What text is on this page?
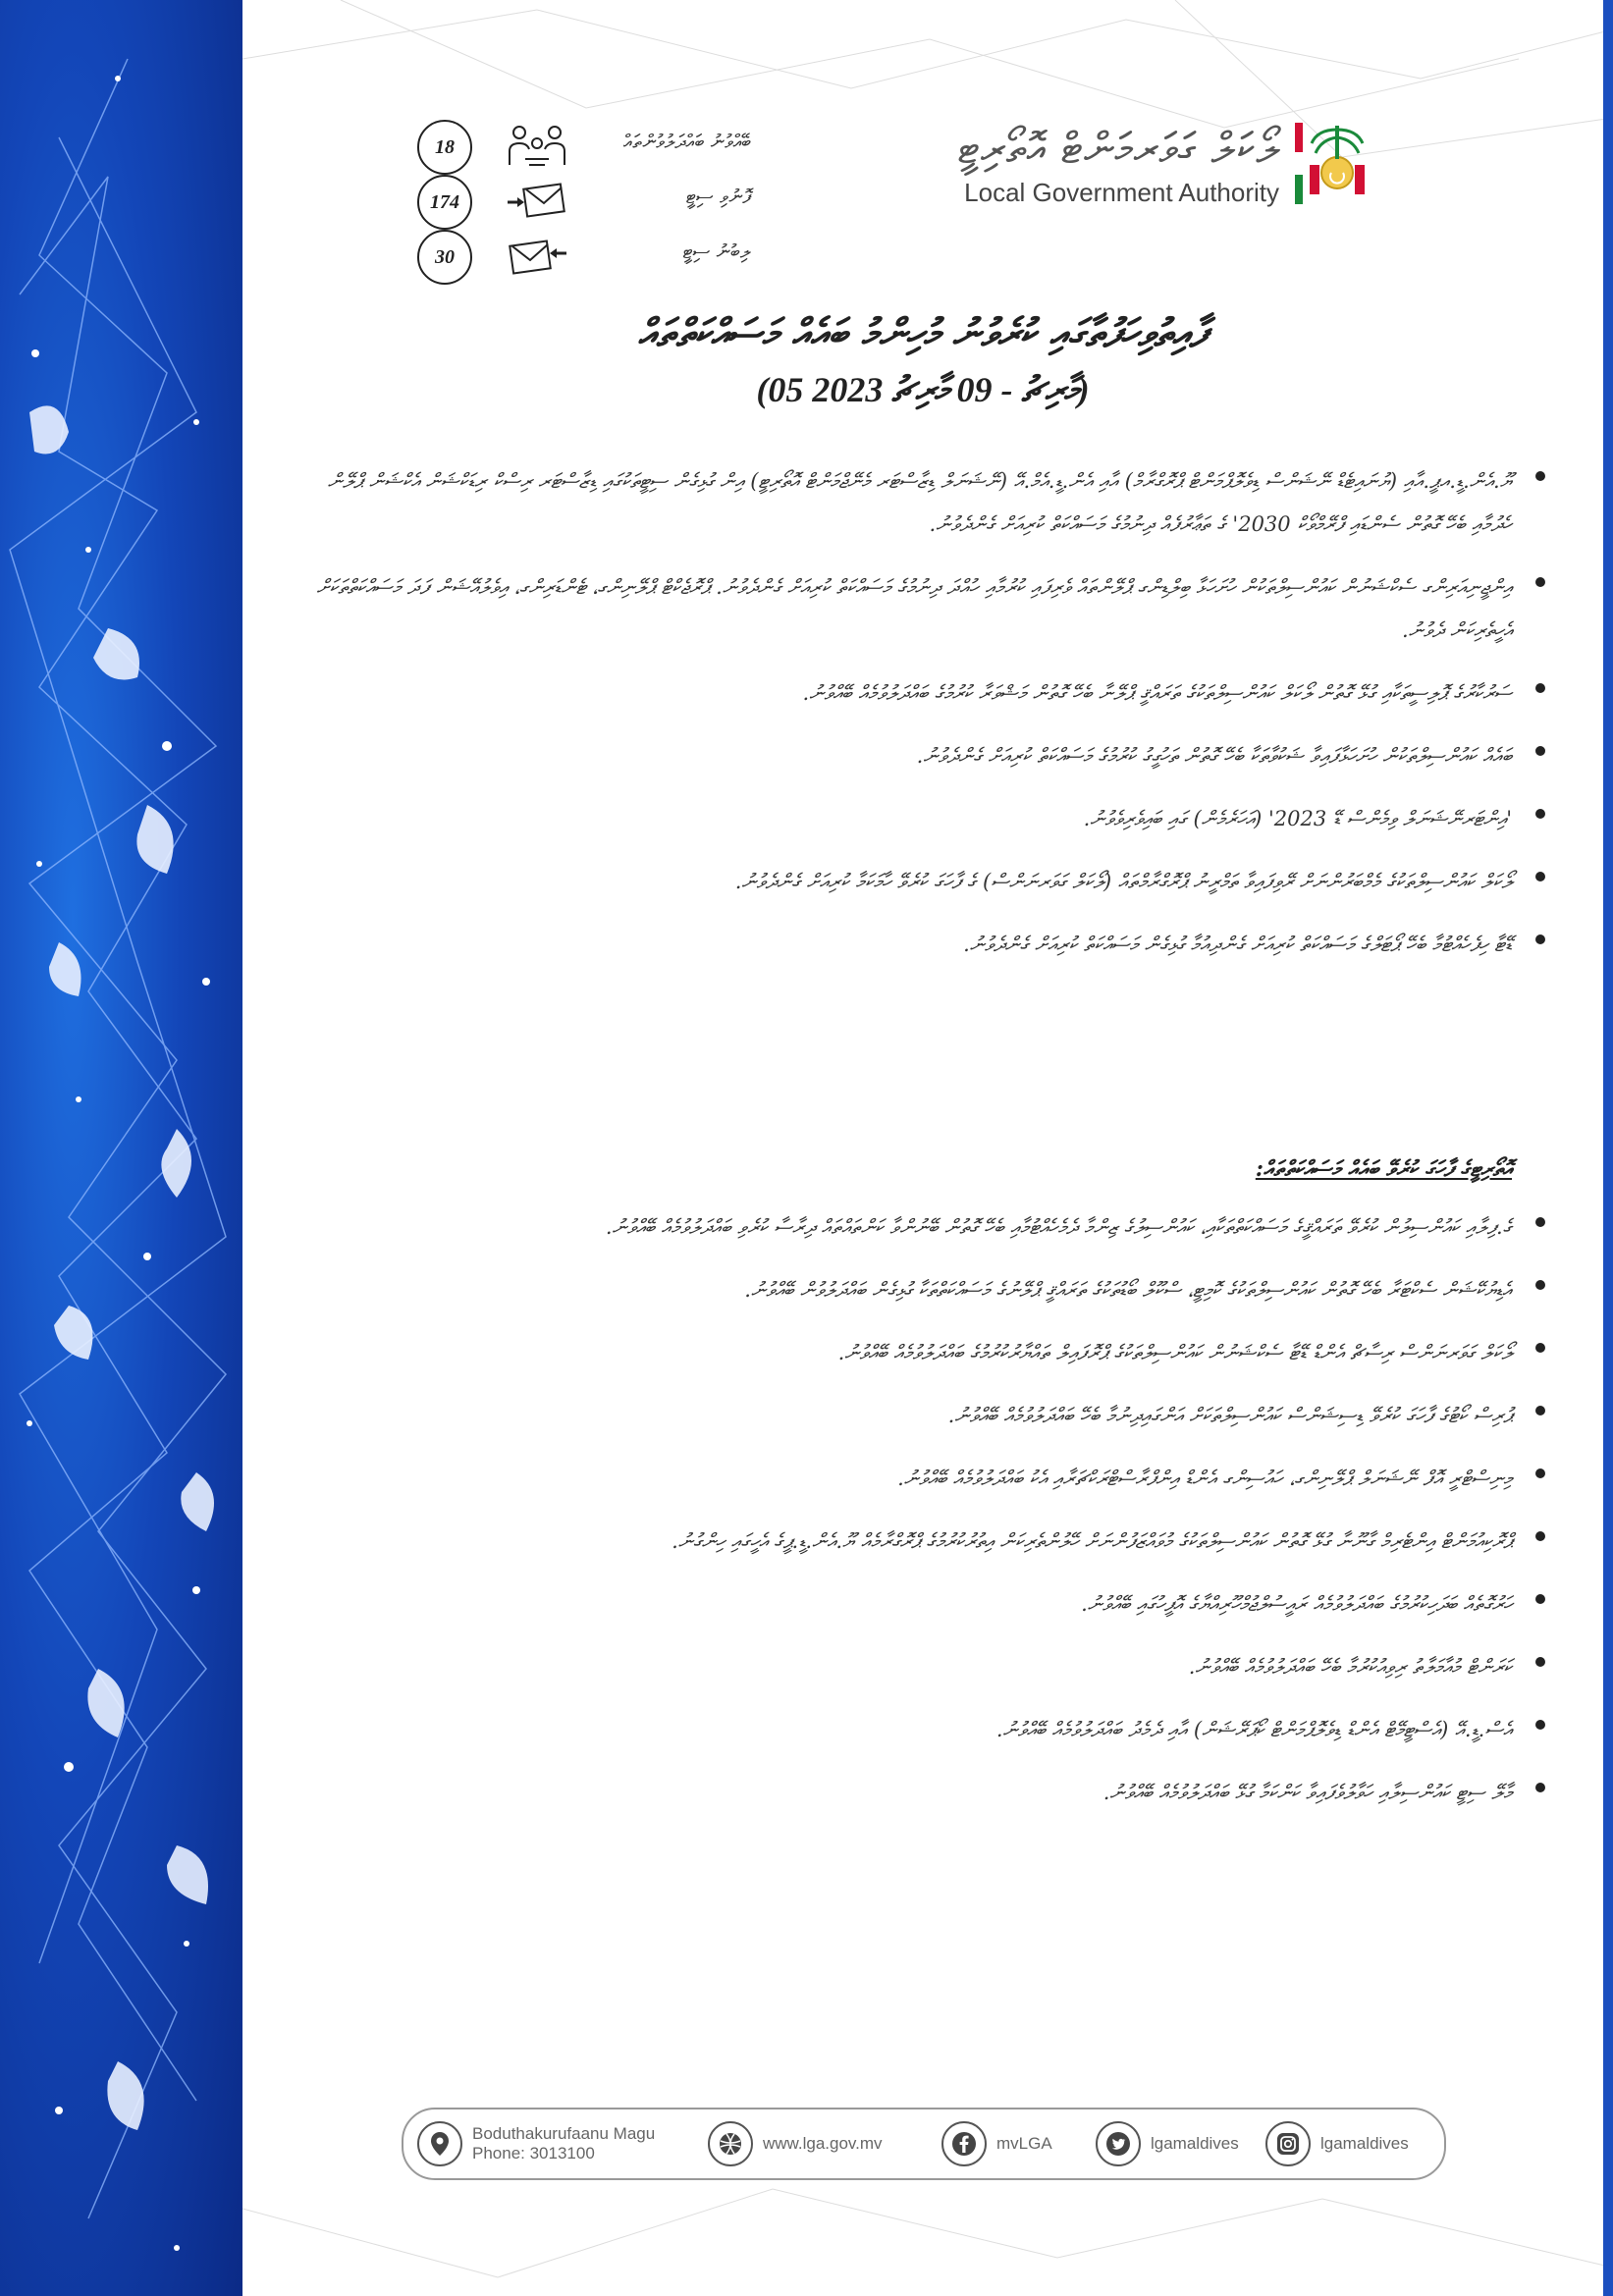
ލޯކަލް ގަވަރމަންޓް އޮތޯރިޓީ
Local Government Authority
18	ބޭއްވުނު ބައްދަލުވުންތައް
174	ފޮނުވި ސިޓީ
30	ލިބުނު ސިޓީ
ފާއިތުވިހަފުތާގައި ކުރެވުނު މުހިންމު ބައެއް މަސައްކަތްތައް
(05 މާރިޗު - 09 މާރިޗު 2023)

ޔޫ.އެން.ޑީ.އޕީ.އާއި (ޔުނައިޓެޑް ނޭޝަންސް ޑިވެލޮޕްމަންޓް ޕްރޮގްރާމް) އާއި އެން.ޑީ.އެމް.އޭ (ނޭޝަނަލް ޑިޒާސްޓަރ މެނޭޖްމަންޓް އޮތޯރިޓީ) އިން ގުޅިގެން ސިޓީތަކުގައި ޑިޒާސްޓަރ ރިސްކް ރިޑަކްޝަން އެކްޝަން ޕްލޭން ހެދުމާއި ބެހޭ ގޮތުން ސެންޑައި ފްރޭމްވޯކް 2030' ގެ ތަޢާރުފެއް ދިނުމުގެ މަސައްކަތް ކުރިއަށް ގެންދެވުނު.

އިންޖީނިއަރިންގ ސެކްޝަނުން ކައުންސިލްތަކުން ހުށަހަޅާ ބިލްޑިންގ ޕްލޭންތައް ވެރިފައި ކުރުމާއި ހުއްދަ ދިނުމުގެ މަސައްކަތް ކުރިއަށް ގެންދެވުނު. ޕްރޮޖެކްޓް ޕްލޭނިންގ، ޓެންޑަރިންގ، އިވެލުއޭޝަން ފަދަ މަސައްކަތްތަކަށް އެހީތެރިކަން ދެވުނު.

ސަރުކާރުގެ ޕޮލިސީތަކާއި ގުޅޭ ގޮތުން ލޯކަލް ކައުންސިލްތަކުގެ ތަރައްޤީ ޕްލޭނާ ބެހޭ ގޮތުން މަޝްވަރާ ކުރުމުގެ ބައްދަލުވުމެއް ބޭއްވުނު.

ބައެއް ކައުންސިލްތަކުން ހުށަހަޅާފައިވާ ޝަކުވާތަކާ ބެހޭ ގޮތުން ތަހުގީގު ކުރުމުގެ މަސައްކަތް ކުރިއަށް ގެންދެވުނު.

'އިންޓަރނޭޝަނަލް ވިމެންސް ޑޭ 2023' (އަހަރެމެން) ގައި ބައިވެރިވެވުނު.

ލޯކަލް ކައުންސިލްތަކުގެ މެމްބަރުންނަށް ރޭވިފައިވާ ތަމްރީނު ޕްރޮގްރާމްތައް (ލޯކަލް ގަވަރނަންސް) ގެ ފާހަގަ ކުރެވޭ ހާމަކަމާ ކުރިއަށް ގެންދެވުނު.

ޑޭޓާ ހިފެހެއްޓުމާ ބެހޭ ޕޯޓަލްގެ މަސައްކަތް ކުރިއަށް ގެންދިއުމާ ގުޅިގެން މަސައްކަތް ކުރިއަށް ގެންދެވުނު.

އޮތޯރިޓީގެ ފާހަގަ ކުރެވޭ ބައެއް މަސައްކަތްތައް:

ގެ.ފިލާއި ކައުންސިލުން ކުރެވޭ ތަރައްޤީގެ މަސައްކަތްތަކާއި، ކައުންސިލުގެ ޒިންމާ ދެމެހެއްޓުމާއި ބެހޭ ގޮތުން ބޭނުންވާ ކަންތައްތައް ދިރާސާ ކުރެވި ބައްދަލުވުމެއް ބޭއްވުނު.

އެޑިޔުކޭޝަން ސެކްޓަރާ ބެހޭ ގޮތުން ކައުންސިލްތަކުގެ ކޮމިޓީ، ސްކޫލް ބޯޑުތަކުގެ ތަރައްޤީ ޕްލޭނުގެ މަސައްކަތްތަކާ ގުޅިގެން ބައްދަލުވުން ބޭއްވުނު.

ލޯކަލް ގަވަރނަންސް ރިސާޗް އެންޑް ޑޭޓާ ސެކްޝަނުން ކައުންސިލްތަކުގެ ޕްރޮފައިލް ތައްޔާރުކުރުމުގެ ބައްދަލުވުމެއް ބޭއްވުނު.

ޕުރިސް ކޯޓުގެ ފާހަގަ ކުރެވޭ ޑިސިޝަންސް ކައުންސިލްތަކަށް އަންގައިދިނުމާ ބެހޭ ބައްދަލުވުމެއް ބޭއްވުނު.

މިނިސްޓްރީ އޮފް ނޭޝަނަލް ޕްލޭނިންގ، ހައުސިންގ އެންޑް އިންފްރާސްޓްރަކްޗަރާއި އެކު ބައްދަލުވުމެއް ބޭއްވުނު.

ޕްރޮކިއުމަންޓް އިންޓެރިމް ގާނޫނާ ގުޅޭ ގޮތުން ކައުންސިލްތަކުގެ މުވައްޒަފުންނަށް ހޭލުންތެރިކަން އިތުރުކުރުމުގެ ޕްރޮގްރާމެއް ޔޫ.އެން.ޑީ.ޕީގެ އެހީގައި ހިންގުނު.

ހަރުގޮތެއް ބަދަހިކުރުމުގެ ބައްދަލުވުމެއް ރައީސުލްޖުމްހޫރިއްޔާގެ އޮފީހުގައި ބޭއްވުނު.

ކަރަންޓް މުއާމަލާތު ރިވިއުކުރުމާ ބެހޭ ބައްދަލުވުމެއް ބޭއްވުނު.

އެސް.ޑީ.އޭ (އެސްޓީމޭޓް އެންޑް ޑިވެލޮޕްމަންޓް ކޯޕަރޭޝަން) އާއި ދެމެދު ބައްދަލުވުމެއް ބޭއްވުނު.

މާލޭ ސިޓީ ކައުންސިލާއި ހަވާލުވެފައިވާ ކަންކަމާ ގުޅޭ ބައްދަލުވުމެއް ބޭއްވުނު.

Boduthakurufaanu Magu
Phone: 3013100
www.lga.gov.mv	mvLGA	lgamaldives	lgamaldives
